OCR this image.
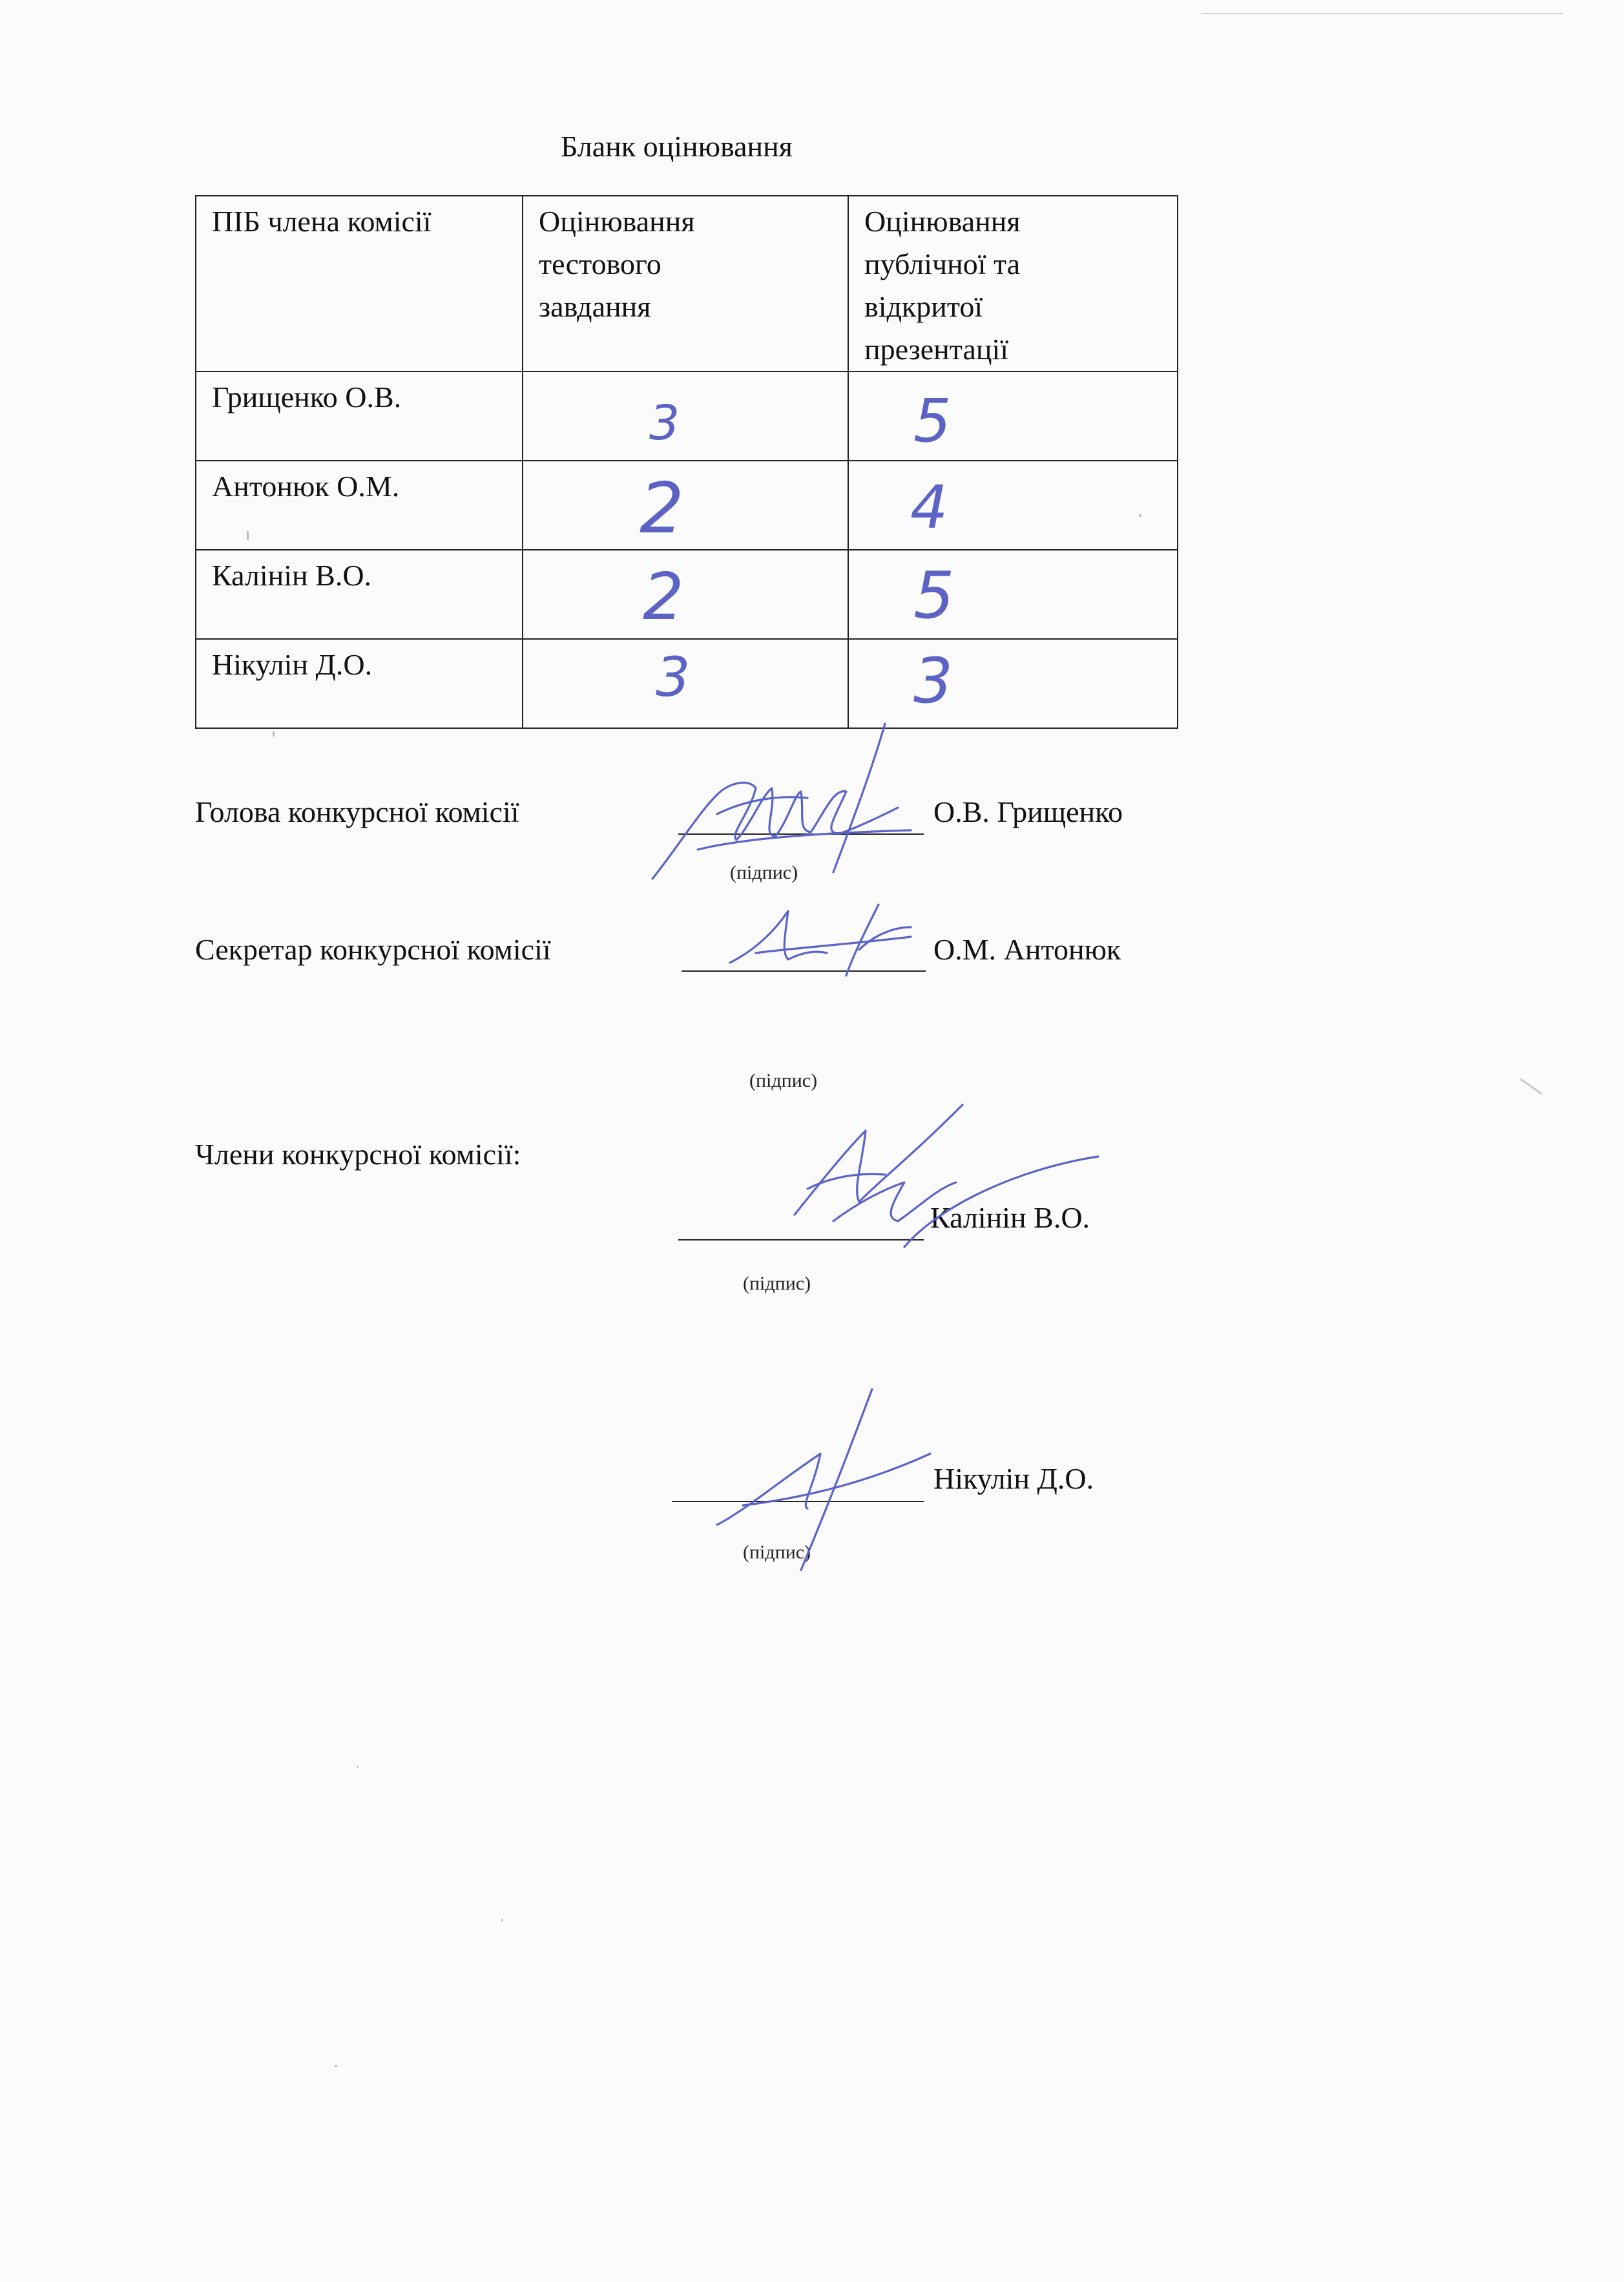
Бланк оцінювання
ПІБ члена комісії	Оцінювання тестового завдання	Оцінювання публічної та відкритої презентації
Грищенко О.В.	3	5

Антонюк О.М.	2	4

Калінін В.О.	2	5

Нікулін Д.О.	3	3
Голова конкурсної комісії	О.В. Грищенко
(підпис)
Секретар конкурсної комісії	О.М. Антонюк
(підпис)
Члени конкурсної комісії:
Калінін В.О.
(підпис)
Нікулін Д.О.
(підпис)
